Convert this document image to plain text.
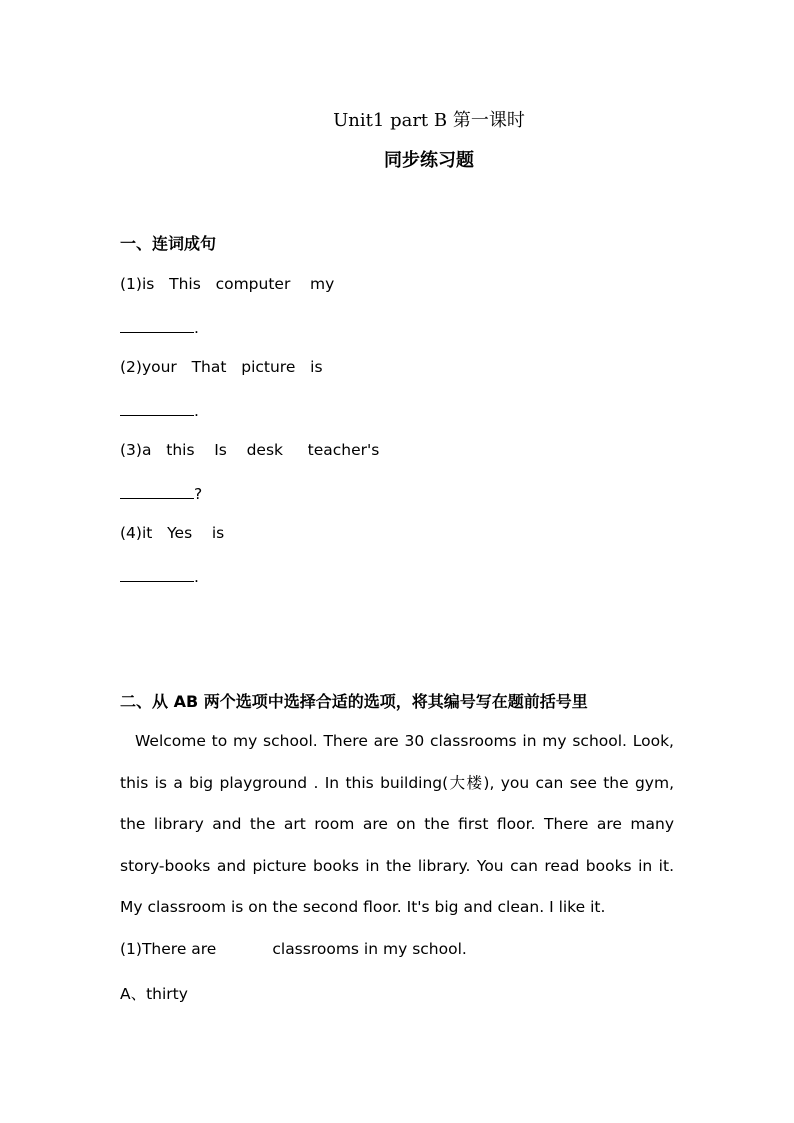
Unit1 part B 第一课时
同步练习题
一、连词成句
(1)is   This   computer    my
.
(2)your   That   picture   is
.
(3)a   this    Is    desk     teacher's
?
(4)it   Yes    is
.
二、从 AB 两个选项中选择合适的选项，将其编号写在题前括号里

Welcome to my school. There are 30 classrooms in my school. Look, this is a big playground . In this building(大楼), you can see the gym, the library and the art room are on the first floor. There are many story-books and picture books in the library. You can read books in it. My classroom is on the second floor. It's big and clean. I like it.

(1)There are	classrooms in my school.
A、thirty
